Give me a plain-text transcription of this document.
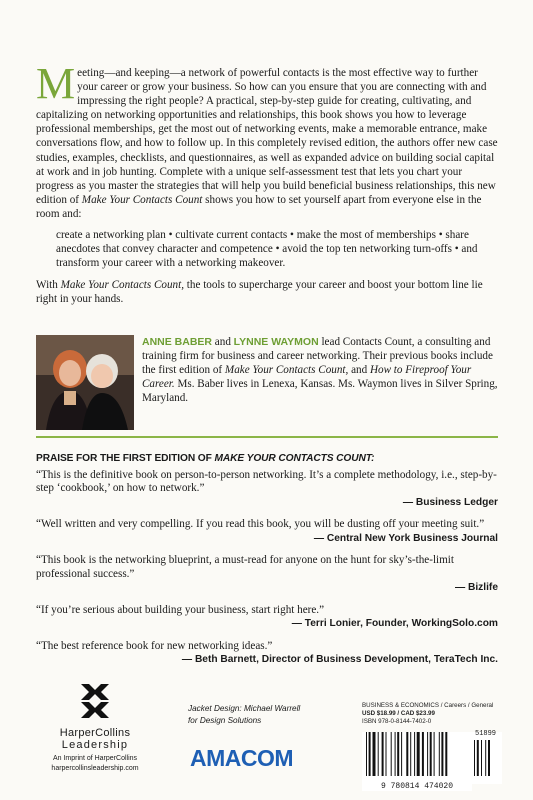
Meeting—and keeping—a network of powerful contacts is the most effective way to further your career or grow your business. So how can you ensure that you are connecting with and impressing the right people? A practical, step-by-step guide for creating, cultivating, and capitalizing on networking opportunities and relationships, this book shows you how to leverage professional memberships, get the most out of networking events, make a memorable entrance, make conversations flow, and how to follow up. In this completely revised edition, the authors offer new case studies, examples, checklists, and questionnaires, as well as expanded advice on building social capital at work and in job hunting. Complete with a unique self-assessment test that lets you chart your progress as you master the strategies that will help you build beneficial business relationships, this new edition of Make Your Contacts Count shows you how to set yourself apart from everyone else in the room and:

create a networking plan • cultivate current contacts • make the most of memberships • share anecdotes that convey character and competence • avoid the top ten networking turn-offs • and transform your career with a networking makeover.

With Make Your Contacts Count, the tools to supercharge your career and boost your bottom line lie right in your hands.

ANNE BABER and LYNNE WAYMON lead Contacts Count, a consulting and training firm for business and career networking. Their previous books include the first edition of Make Your Contacts Count, and How to Fireproof Your Career. Ms. Baber lives in Lenexa, Kansas. Ms. Waymon lives in Silver Spring, Maryland.
PRAISE FOR THE FIRST EDITION OF MAKE YOUR CONTACTS COUNT:
“This is the definitive book on person-to-person networking. It’s a complete methodology, i.e., step-by-step ‘cookbook,’ on how to network.”
— Business Ledger
“Well written and very compelling. If you read this book, you will be dusting off your meeting suit.”
— Central New York Business Journal
“This book is the networking blueprint, a must-read for anyone on the hunt for sky’s-the-limit professional success.”
— Bizlife
“If you’re serious about building your business, start right here.”
— Terri Lonier, Founder, WorkingSolo.com
“The best reference book for new networking ideas.”
— Beth Barnett, Director of Business Development, TeraTech Inc.
HarperCollins
Leadership
An Imprint of HarperCollins
harpercollinsleadership.com
Jacket Design: Michael Warrell
for Design Solutions
AMACOM
BUSINESS & ECONOMICS / Careers / General
USD $18.99 / CAD $23.99
ISBN 978-0-8144-7402-0
9 780814 474020
51899
